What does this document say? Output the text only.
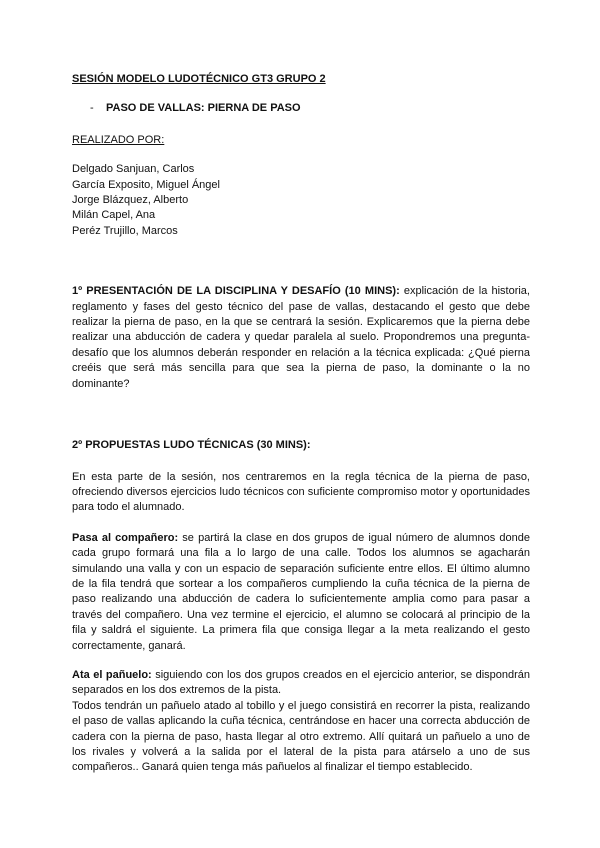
SESIÓN MODELO LUDOTÉCNICO GT3 GRUPO 2

-	PASO DE VALLAS: PIERNA DE PASO
REALIZADO POR:
Delgado Sanjuan, Carlos
García Exposito, Miguel Ángel
Jorge Blázquez, Alberto
Milán Capel, Ana
Peréz Trujillo, Marcos

1º PRESENTACIÓN DE LA DISCIPLINA Y DESAFÍO (10 MINS): explicación de la historia, reglamento y fases del gesto técnico del pase de vallas, destacando el gesto que debe realizar la pierna de paso, en la que se centrará la sesión. Explicaremos que la pierna debe realizar una abducción de cadera y quedar paralela al suelo. Propondremos una pregunta-desafío que los alumnos deberán responder en relación a la técnica explicada: ¿Qué pierna creéis que será más sencilla para que sea la pierna de paso, la dominante o la no dominante?

2º PROPUESTAS LUDO TÉCNICAS (30 MINS):

En esta parte de la sesión, nos centraremos en la regla técnica de la pierna de paso, ofreciendo diversos ejercicios ludo técnicos con suficiente compromiso motor y oportunidades para todo el alumnado.

Pasa al compañero: se partirá la clase en dos grupos de igual número de alumnos donde cada grupo formará una fila a lo largo de una calle. Todos los alumnos se agacharán simulando una valla y con un espacio de separación suficiente entre ellos. El último alumno de la fila tendrá que sortear a los compañeros cumpliendo la cuña técnica de la pierna de paso realizando una abducción de cadera lo suficientemente amplia como para pasar a través del compañero. Una vez termine el ejercicio, el alumno se colocará al principio de la fila y saldrá el siguiente. La primera fila que consiga llegar a la meta realizando el gesto correctamente, ganará.

Ata el pañuelo: siguiendo con los dos grupos creados en el ejercicio anterior, se dispondrán separados en los dos extremos de la pista.

Todos tendrán un pañuelo atado al tobillo y el juego consistirá en recorrer la pista, realizando el paso de vallas aplicando la cuña técnica, centrándose en hacer una correcta abducción de cadera con la pierna de paso, hasta llegar al otro extremo. Allí quitará un pañuelo a uno de los rivales y volverá a la salida por el lateral de la pista para atárselo a uno de sus compañeros.. Ganará quien tenga más pañuelos al finalizar el tiempo establecido.
